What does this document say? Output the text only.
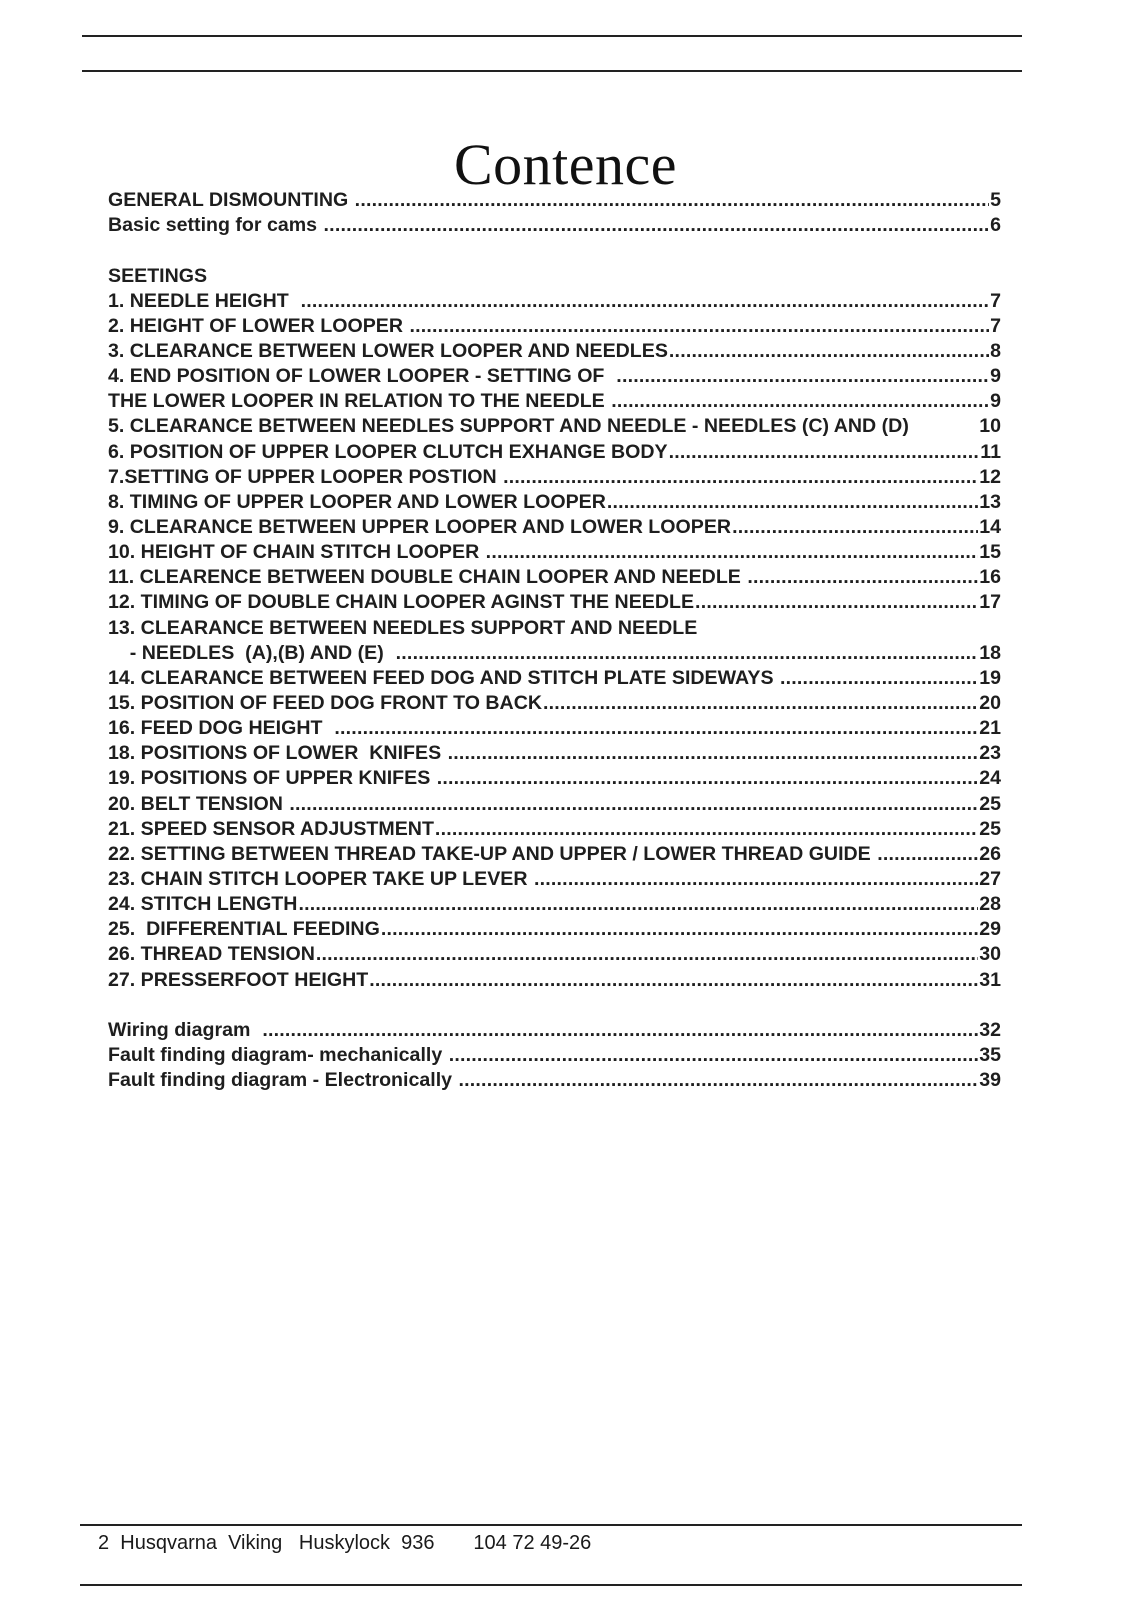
Contence
GENERAL DISMOUNTING .....	5
Basic setting for cams .....	6
SEETINGS
1. NEEDLE HEIGHT .....	7
2. HEIGHT OF LOWER LOOPER .....	7
3. CLEARANCE BETWEEN LOWER LOOPER AND NEEDLES .....	8
4. END POSITION OF LOWER LOOPER - SETTING OF .....	9
THE LOWER LOOPER IN RELATION TO THE NEEDLE .....	9
5. CLEARANCE BETWEEN NEEDLES SUPPORT AND NEEDLE - NEEDLES (C) AND (D)	10
6. POSITION OF UPPER LOOPER CLUTCH EXHANGE BODY .....	11
7.SETTING OF UPPER LOOPER POSTION .....	12
8. TIMING OF UPPER LOOPER AND LOWER LOOPER .....	13
9. CLEARANCE BETWEEN UPPER LOOPER AND LOWER LOOPER .....	14
10. HEIGHT OF CHAIN STITCH LOOPER .....	15
11. CLEARENCE BETWEEN DOUBLE CHAIN LOOPER AND NEEDLE .....	16
12. TIMING OF DOUBLE CHAIN LOOPER AGINST THE NEEDLE .....	17
13. CLEARANCE BETWEEN NEEDLES SUPPORT AND NEEDLE
- NEEDLES  (A),(B) AND (E) .....	18
14. CLEARANCE BETWEEN FEED DOG AND STITCH PLATE SIDEWAYS .....	19
15. POSITION OF FEED DOG FRONT TO BACK .....	20
16. FEED DOG HEIGHT .....	21
18. POSITIONS OF LOWER  KNIFES .....	23
19. POSITIONS OF UPPER KNIFES .....	24
20. BELT TENSION .....	25
21. SPEED SENSOR ADJUSTMENT .....	25
22. SETTING BETWEEN THREAD TAKE-UP AND UPPER / LOWER THREAD GUIDE .....	26
23. CHAIN STITCH LOOPER TAKE UP LEVER .....	27
24. STITCH LENGTH .....	28
25.  DIFFERENTIAL FEEDING .....	29
26. THREAD TENSION .....	30
27. PRESSERFOOT HEIGHT .....	31
Wiring diagram .....	32
Fault finding diagram- mechanically .....	35
Fault finding diagram - Electronically .....	39
2 Husqvarna  Viking Huskylock  936 104 72 49-26
